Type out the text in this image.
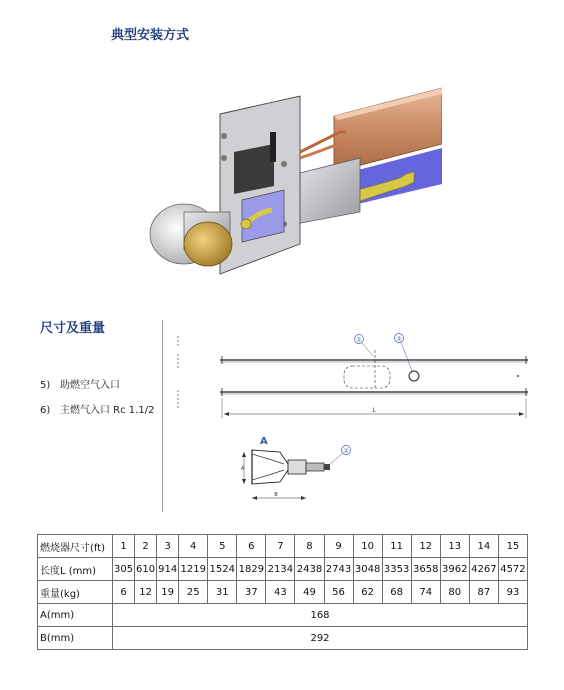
典型安装方式
尺寸及重量
5) 助燃空气入口
6) 主燃气入口 Rc 1.1/2
①	②
L
A
②
A
B
燃烧器尺寸(ft)	1	2	3	4	5	6	7	8	9	10	11	12	13	14	15
长度L (mm)	305	610	914	1219	1524	1829	2134	2438	2743	3048	3353	3658	3962	4267	4572
重量(kg)	6	12	19	25	31	37	43	49	56	62	68	74	80	87	93
A(mm)	168														
B(mm)	292														
